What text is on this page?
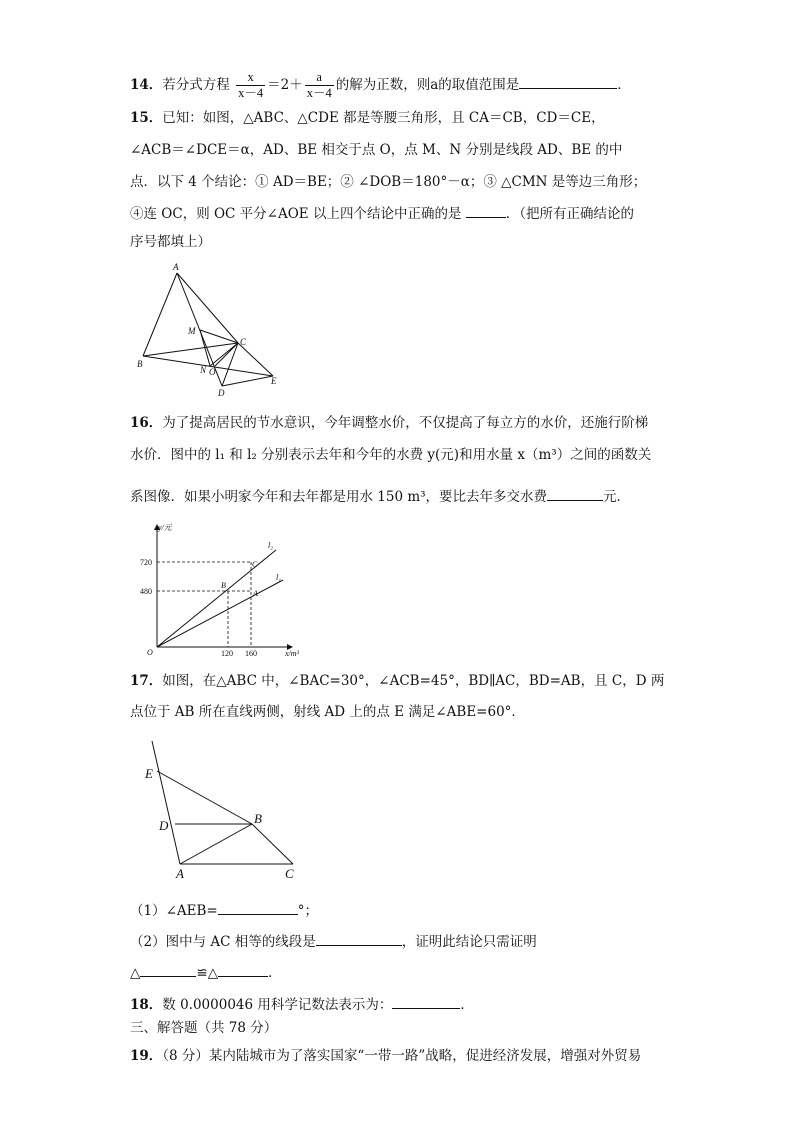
14．若分式方程 $\frac{x}{x-4} =2+ \frac{a}{x-4}$ 的解为正数，则a的取值范围是	．
15．已知：如图，△ABC、△CDE 都是等腰三角形，且 CA＝CB，CD＝CE，
∠ACB＝∠DCE＝α，AD、BE 相交于点 O，点 M、N 分别是线段 AD、BE 的中
点．以下 4 个结论：① AD＝BE；② ∠DOB＝180°－α；③ △CMN 是等边三角形；
④连 OC，则 OC 平分∠AOE 以上四个结论中正确的是	．（把所有正确结论的
序号都填上）
A
M
C
B
N O
D
E
16．为了提高居民的节水意识，今年调整水价，不仅提高了每立方的水价，还施行阶梯
水价．图中的 l₁ 和 l₂ 分别表示去年和今年的水费 y(元)和用水量 x（m³）之间的函数关
系图像．如果小明家今年和去年都是用水 150 m³，要比去年多交水费	元．
y/元
x/m³
O
720
480
120 160
l₂
l₁
C
B
A
17．如图，在△ABC 中，∠BAC=30°，∠ACB=45°，BD∥AC，BD=AB，且 C，D 两
点位于 AB 所在直线两侧，射线 AD 上的点 E 满足∠ABE=60°．
E
D	B
A	C
（1）∠AEB=	°；
（2）图中与 AC 相等的线段是	，证明此结论只需证明
△	≌△	．
18．数 0.0000046 用科学记数法表示为：	．
三、解答题（共 78 分）
19．（8 分）某内陆城市为了落实国家“一带一路”战略，促进经济发展，增强对外贸易
